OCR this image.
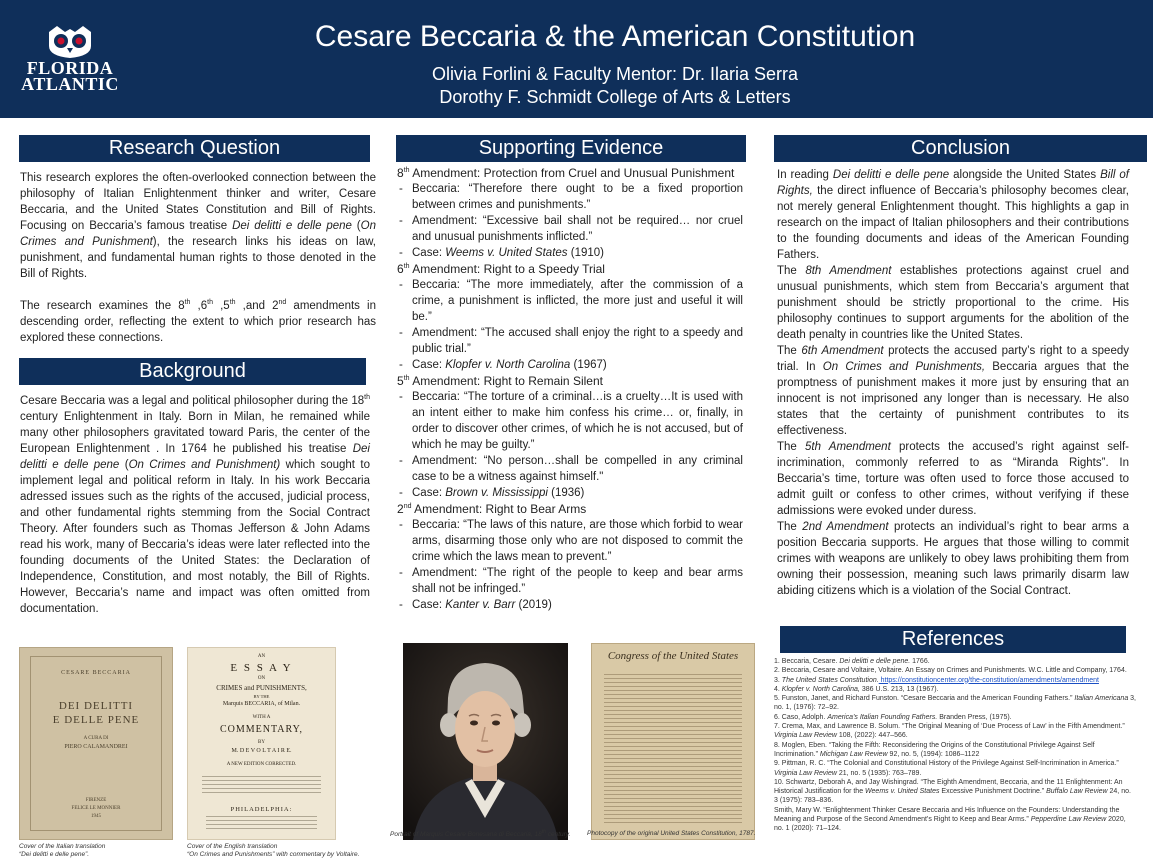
FLORIDA
ATLANTIC
Cesare Beccaria & the American Constitution
Olivia Forlini & Faculty Mentor: Dr. Ilaria Serra
Dorothy F. Schmidt College of Arts & Letters
Research Question

This research explores the often-overlooked connection between the philosophy of Italian Enlightenment thinker and writer, Cesare Beccaria, and the United States Constitution and Bill of Rights. Focusing on Beccaria’s famous treatise Dei delitti e delle pene (On Crimes and Punishment), the research links his ideas on law, punishment, and fundamental human rights to those denoted in the Bill of Rights.

The research examines the 8th ,6th ,5th ,and 2nd amendments in descending order, reflecting the extent to which prior research has explored these connections.

Background

Cesare Beccaria was a legal and political philosopher during the 18th century Enlightenment in Italy. Born in Milan, he remained while many other philosophers gravitated toward Paris, the center of the European Enlightenment . In 1764 he published his treatise Dei delitti e delle pene (On Crimes and Punishment) which sought to implement legal and political reform in Italy. In his work Beccaria adressed issues such as the rights of the accused, judicial process, and other fundamental rights stemming from the Social Contract Theory. After founders such as Thomas Jefferson & John Adams read his work, many of Beccaria’s ideas were later reflected into the founding documents of the United States: the Declaration of Independence, Constitution, and most notably, the Bill of Rights. However, Beccaria’s name and impact was often omitted from documentation.

Supporting Evidence
8th Amendment: Protection from Cruel and Unusual Punishment
- Beccaria: “Therefore there ought to be a fixed proportion between crimes and punishments.”
- Amendment: “Excessive bail shall not be required… nor cruel and unusual punishments inflicted.”
- Case: Weems v. United States (1910)
6th Amendment: Right to a Speedy Trial
- Beccaria: “The more immediately, after the commission of a crime, a punishment is inflicted, the more just and useful it will be.”
- Amendment: “The accused shall enjoy the right to a speedy and public trial.”
- Case: Klopfer v. North Carolina (1967)
5th Amendment: Right to Remain Silent
- Beccaria: “The torture of a criminal…is a cruelty…It is used with an intent either to make him confess his crime… or, finally, in order to discover other crimes, of which he is not accused, but of which he may be guilty.”
- Amendment: “No person…shall be compelled in any criminal case to be a witness against himself."
- Case: Brown v. Mississippi (1936)
2nd Amendment: Right to Bear Arms
- Beccaria: “The laws of this nature, are those which forbid to wear arms, disarming those only who are not disposed to commit the crime which the laws mean to prevent.”
- Amendment: “The right of the people to keep and bear arms shall not be infringed.”
- Case: Kanter v. Barr (2019)
Conclusion

In reading Dei delitti e delle pene alongside the United States Bill of Rights, the direct influence of Beccaria’s philosophy becomes clear, not merely general Enlightenment thought. This highlights a gap in research on the impact of Italian philosophers and their contributions to the founding documents and ideas of the American Founding Fathers.

The 8th Amendment establishes protections against cruel and unusual punishments, which stem from Beccaria’s argument that punishment should be strictly proportional to the crime. His philosophy continues to support arguments for the abolition of the death penalty in countries like the United States.

The 6th Amendment protects the accused party’s right to a speedy trial. In On Crimes and Punishments, Beccaria argues that the promptness of punishment makes it more just by ensuring that an innocent is not imprisoned any longer than is necessary. He also states that the certainty of punishment contributes to its effectiveness.

The 5th Amendment protects the accused’s right against self-incrimination, commonly referred to as “Miranda Rights”. In Beccaria’s time, torture was often used to force those accused to admit guilt or confess to other crimes, without verifying if these admissions were evoked under duress.

The 2nd Amendment protects an individual’s right to bear arms a position Beccaria supports. He argues that those willing to commit crimes with weapons are unlikely to obey laws prohibiting them from owning their possession, meaning such laws primarily disarm law abiding citizens which is a violation of the Social Contract.

References

1. Beccaria, Cesare. Dei delitti e delle pene. 1766.

2. Beccaria, Cesare and Voltaire, Voltaire. An Essay on Crimes and Punishments. W.C. Little and Company, 1764.

3. The United States Constitution. https://constitutioncenter.org/the-constitution/amendments/amendment

4. Klopfer v. North Carolina, 386 U.S. 213, 13 (1967).

5. Funston, Janet, and Richard Funston. “Cesare Beccaria and the American Founding Fathers.” Italian Americana 3, no. 1, (1976): 72–92.

6. Caso, Adolph. America’s Italian Founding Fathers. Branden Press, (1975).

7. Crema, Max, and Lawrence B. Solum. “The Original Meaning of ‘Due Process of Law’ in the Fifth Amendment.” Virginia Law Review 108, (2022): 447–566.

8. Moglen, Eben. “Taking the Fifth: Reconsidering the Origins of the Constitutional Privilege Against Self Incrimination.” Michigan Law Review 92, no. 5, (1994): 1086–1122

9. Pittman, R. C. “The Colonial and Constitutional History of the Privilege Against Self-Incrimination in America.” Virginia Law Review 21, no. 5 (1935): 763–789.

10. Schwartz, Deborah A, and Jay Wishingrad. “The Eighth Amendment, Beccaria, and the 11 Enlightenment: An Historical Justification for the Weems v. United States Excessive Punishment Doctrine.” Buffalo Law Review 24, no. 3 (1975): 783–836.

Smith, Mary W. “Enlightenment Thinker Cesare Beccaria and His Influence on the Founders: Understanding the Meaning and Purpose of the Second Amendment’s Right to Keep and Bear Arms.” Pepperdine Law Review 2020, no. 1 (2020): 71–124.

CESARE BECCARIA
DEI DELITTI
E DELLE PENE
A CURA DI
PIERO CALAMANDREI
FIRENZE
FELICE LE MONNIER
1945
Cover of the Italian translation
“Dei delitti e delle pene”.
AN
E S S A Y
ON
CRIMES and PUNISHMENTS,
BY THE
Marquis BECCARIA, of Milan.
WITH A
COMMENTARY,
BY
M. D E V O L T A I R E.
A NEW EDITION CORRECTED.
PHILADELPHIA:
Cover of the English translation
“On Crimes and Punishments” with commentary by Voltaire.
Portrait of Marquis Cesare Bonesana di Beccaria, 18th century.
Congress of the United States
Photocopy of the original United States Constitution, 1787.
